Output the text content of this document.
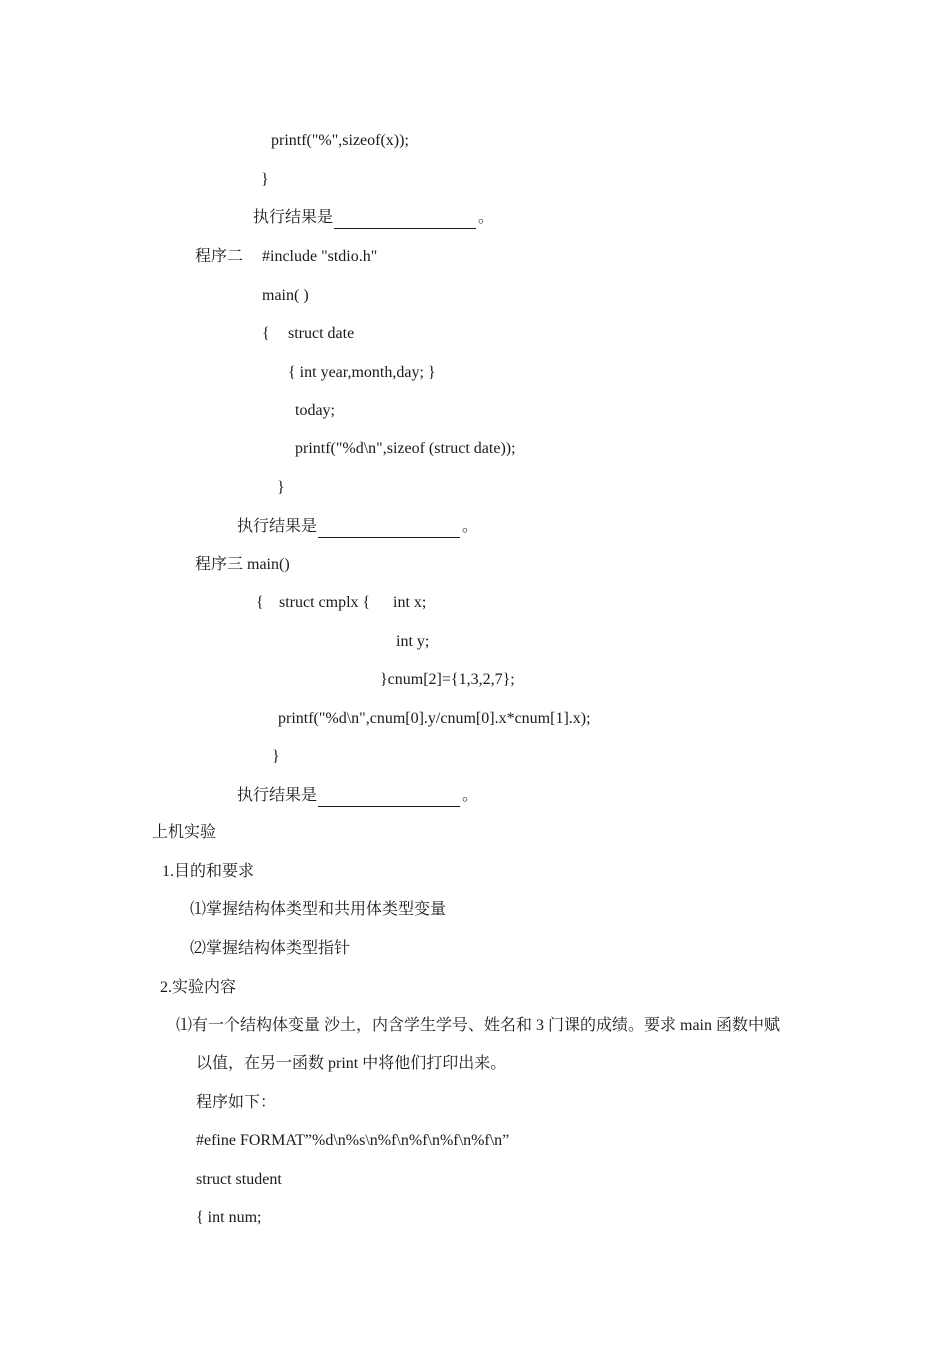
printf("%",sizeof(x));
}
执行结果是	。
程序二 #include "stdio.h"
main( )
{ struct date
{ int year,month,day; }
today;
printf("%d\n",sizeof (struct date));
}
执行结果是	。
程序三 main()
{ struct cmplx { int x;
int y;
}cnum[2]={1,3,2,7};
printf("%d\n",cnum[0].y/cnum[0].x*cnum[1].x);
}
执行结果是	。
上机实验
1.目的和要求
⑴掌握结构体类型和共用体类型变量
⑵掌握结构体类型指针
2.实验内容
⑴有一个结构体变量 沙土，内含学生学号、姓名和 3 门课的成绩。要求 main 函数中赋
以值，在另一函数 print 中将他们打印出来。
程序如下：
#efine FORMAT”%d\n%s\n%f\n%f\n%f\n%f\n”
struct student
{ int num;
